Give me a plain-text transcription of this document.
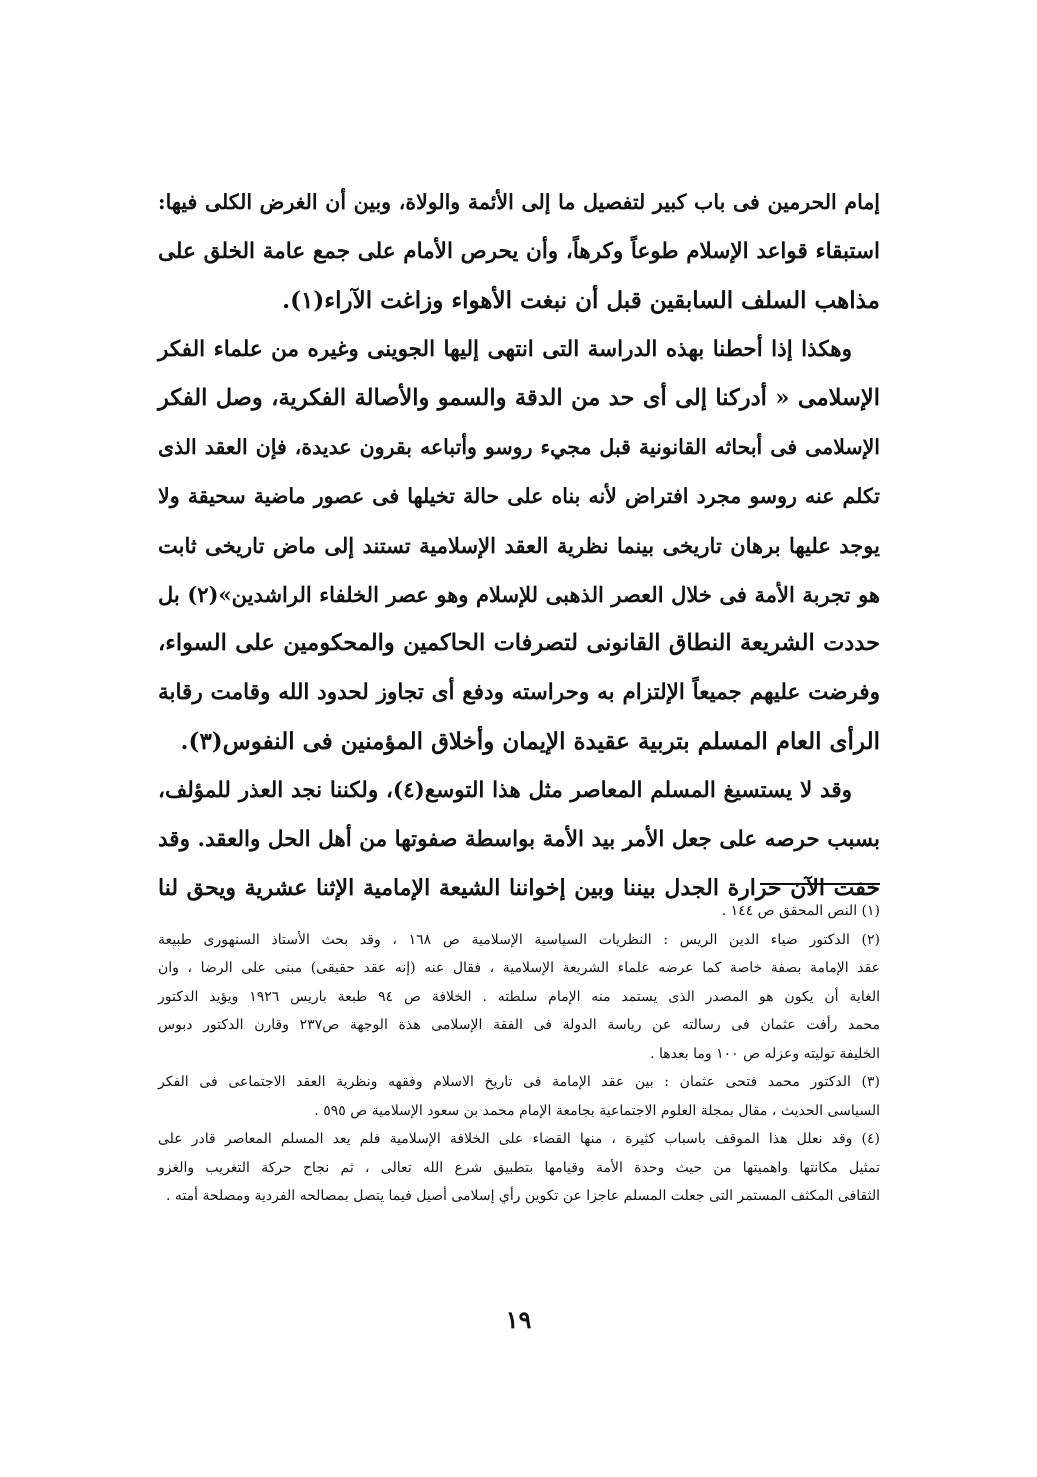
إمام الحرمين فى باب كبير لتفصيل ما إلى الأئمة والولاة، وبين أن الغرض الكلى فيها:
استبقاء قواعد الإسلام طوعاً وكرهاً، وأن يحرص الأمام على جمع عامة الخلق على
مذاهب السلف السابقين قبل أن نبغت الأهواء وزاغت الآراء(١).
وهكذا إذا أحطنا بهذه الدراسة التى انتهى إليها الجوينى وغيره من علماء الفكر
الإسلامى « أدركنا إلى أى حد من الدقة والسمو والأصالة الفكرية، وصل الفكر
الإسلامى فى أبحاثه القانونية قبل مجيء روسو وأتباعه بقرون عديدة، فإن العقد الذى
تكلم عنه روسو مجرد افتراض لأنه بناه على حالة تخيلها فى عصور ماضية سحيقة ولا
يوجد عليها برهان تاريخى بينما نظرية العقد الإسلامية تستند إلى ماض تاريخى ثابت
هو تجربة الأمة فى خلال العصر الذهبى للإسلام وهو عصر الخلفاء الراشدين»(٢) بل
حددت الشريعة النطاق القانونى لتصرفات الحاكمين والمحكومين على السواء،
وفرضت عليهم جميعاً الإلتزام به وحراسته ودفع أى تجاوز لحدود الله وقامت رقابة
الرأى العام المسلم بتربية عقيدة الإيمان وأخلاق المؤمنين فى النفوس(٣).
وقد لا يستسيغ المسلم المعاصر مثل هذا التوسع(٤)، ولكننا نجد العذر للمؤلف،
بسبب حرصه على جعل الأمر بيد الأمة بواسطة صفوتها من أهل الحل والعقد. وقد
خفت الآن حرارة الجدل بيننا وبين إخواننا الشيعة الإمامية الإثنا عشرية ويحق لنا
(١) النص المحقق ص ١٤٤ .
(٢) الدكتور ضياء الدين الريس : النظريات السياسية الإسلامية ص ١٦٨ ، وقد بحث الأستاذ السنهورى طبيعة
عقد الإمامة بصفة خاصة كما عرضه علماء الشريعة الإسلامية ، فقال عنه (إنه عقد حقيقى) مبنى على الرضا ، وان
الغاية أن يكون هو المصدر الذى يستمد منه الإمام سلطته . الخلافة ص ٩٤ طبعة باريس ١٩٢٦ ويؤيد الدكتور
محمد رأفت عثمان فى رسالته عن رياسة الدولة فى الفقة الإسلامى هذة الوجهة ص٢٣٧ وقارن الدكتور دبوس
الخليفة توليته وعزله ص ١٠٠ وما بعدها .
(٣) الدكتور محمد فتحى عثمان : بين عقد الإمامة فى تاريخ الاسلام وفقهه ونظرية العقد الاجتماعى فى الفكر
السياسى الحديث ، مقال بمجلة العلوم الاجتماعية بجامعة الإمام محمد بن سعود الإسلامية ص ٥٩٥ .
(٤) وقد نعلل هذا الموقف باسباب كثيرة ، منها القضاء على الخلافة الإسلامية فلم يعد المسلم المعاصر قادر على
تمثيل مكانتها واهميتها من حيث وحدة الأمة وقيامها بتطبيق شرع الله تعالى ، ثم نجاح حركة التغريب والغزو
الثقافى المكثف المستمر التى جعلت المسلم عاجزا عن تكوين رأي إسلامى أصيل فيما يتصل بمصالحه الفردية ومصلحة أمته .
١٩
